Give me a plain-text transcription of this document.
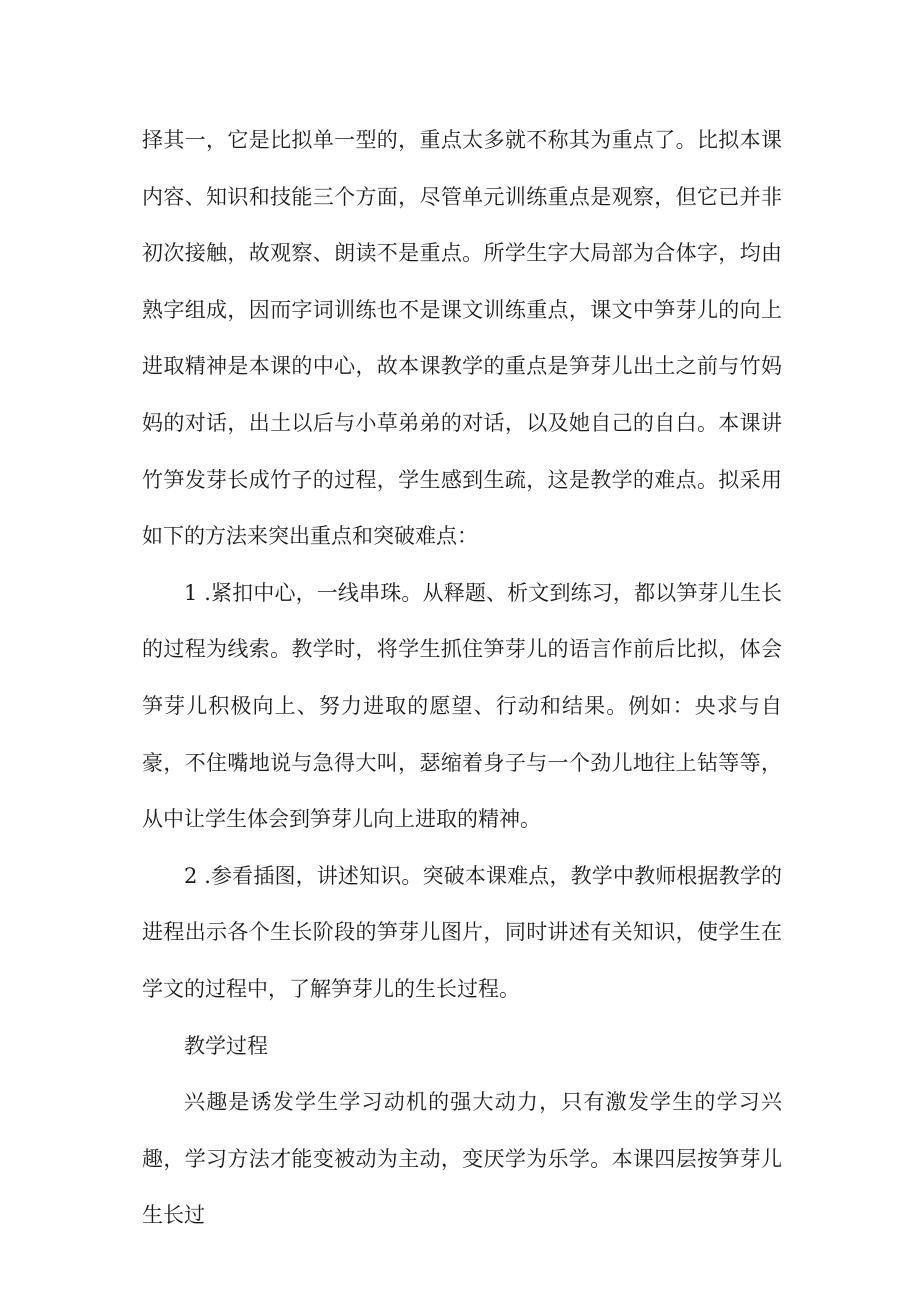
择其一，它是比拟单一型的，重点太多就不称其为重点了。比拟本课内容、知识和技能三个方面，尽管单元训练重点是观察，但它已并非初次接触，故观察、朗读不是重点。所学生字大局部为合体字，均由熟字组成，因而字词训练也不是课文训练重点，课文中笋芽儿的向上进取精神是本课的中心，故本课教学的重点是笋芽儿出土之前与竹妈妈的对话，出土以后与小草弟弟的对话，以及她自己的自白。本课讲竹笋发芽长成竹子的过程，学生感到生疏，这是教学的难点。拟采用如下的方法来突出重点和突破难点：

1 .紧扣中心，一线串珠。从释题、析文到练习，都以笋芽儿生长的过程为线索。教学时，将学生抓住笋芽儿的语言作前后比拟，体会笋芽儿积极向上、努力进取的愿望、行动和结果。例如：央求与自豪，不住嘴地说与急得大叫，瑟缩着身子与一个劲儿地往上钻等等，从中让学生体会到笋芽儿向上进取的精神。

2 .参看插图，讲述知识。突破本课难点，教学中教师根据教学的进程出示各个生长阶段的笋芽儿图片，同时讲述有关知识，使学生在学文的过程中，了解笋芽儿的生长过程。

教学过程

兴趣是诱发学生学习动机的强大动力，只有激发学生的学习兴趣，学习方法才能变被动为主动，变厌学为乐学。本课四层按笋芽儿生长过
